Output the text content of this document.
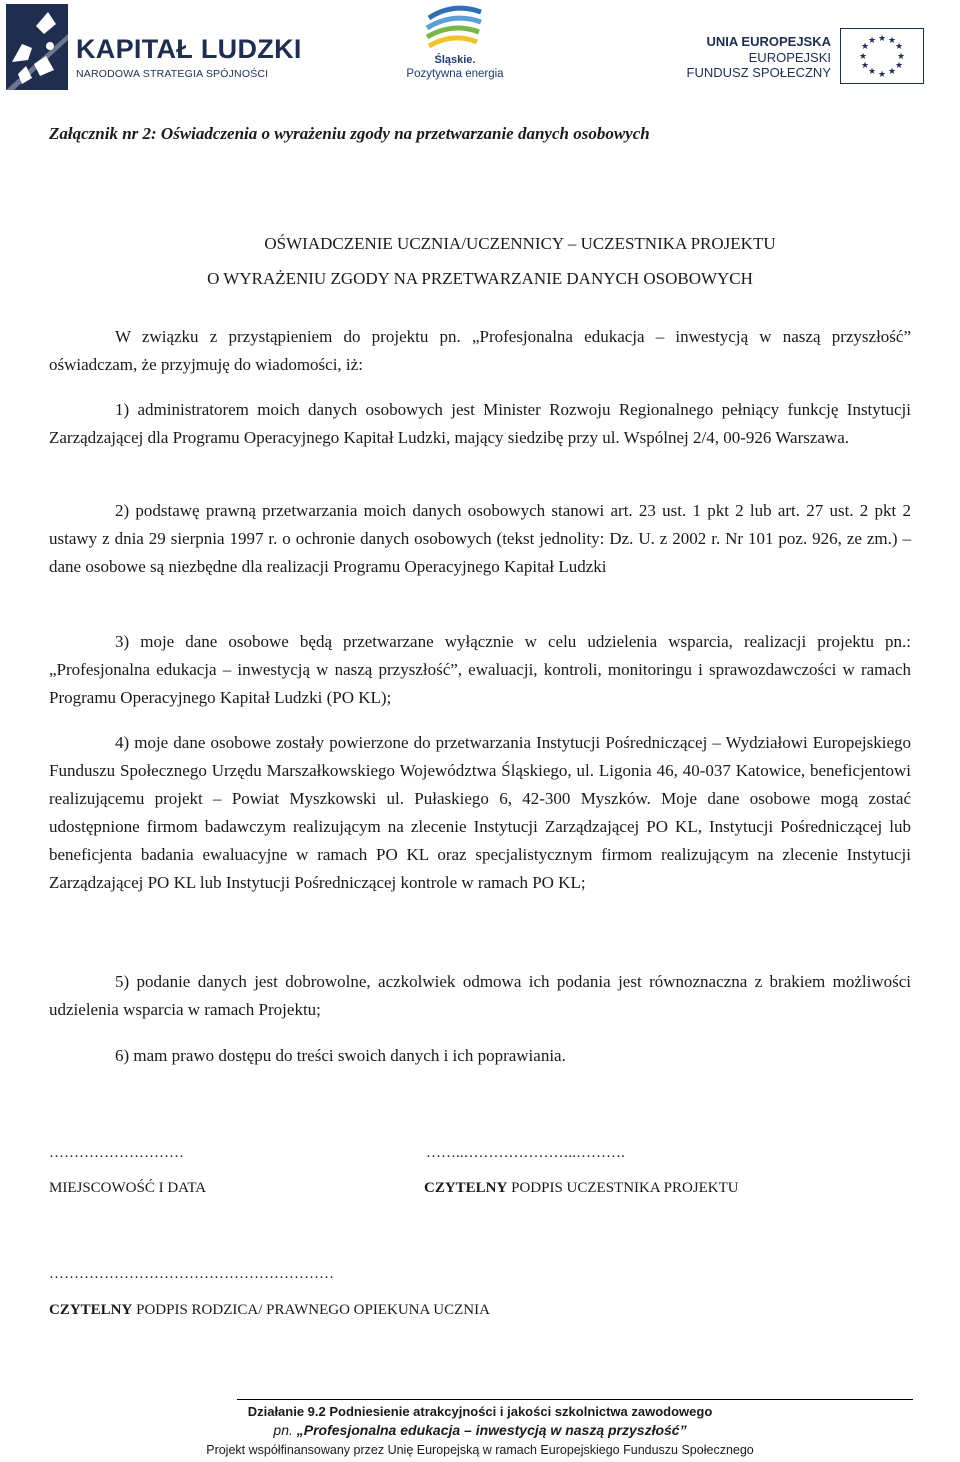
KAPITAŁ LUDZKI
NARODOWA STRATEGIA SPÓJNOŚCI
Śląskie.
Pozytywna energia
UNIA EUROPEJSKA
EUROPEJSKI
FUNDUSZ SPOŁECZNY
★ ★
★
★
★
★
★
★
★
★
★
★
Załącznik nr 2: Oświadczenia o wyrażeniu zgody na przetwarzanie danych osobowych
OŚWIADCZENIE UCZNIA/UCZENNICY – UCZESTNIKA PROJEKTU
O WYRAŻENIU ZGODY NA PRZETWARZANIE DANYCH OSOBOWYCH

W związku z przystąpieniem do projektu pn. „Profesjonalna edukacja – inwestycją w naszą przyszłość” oświadczam, że przyjmuję do wiadomości, iż:

1) administratorem moich danych osobowych jest Minister Rozwoju Regionalnego pełniący funkcję Instytucji Zarządzającej dla Programu Operacyjnego Kapitał Ludzki, mający siedzibę przy ul. Wspólnej 2/4, 00-926 Warszawa.

2) podstawę prawną przetwarzania moich danych osobowych stanowi art. 23 ust. 1 pkt 2 lub art. 27 ust. 2 pkt 2 ustawy z dnia 29 sierpnia 1997 r. o ochronie danych osobowych (tekst jednolity: Dz. U. z 2002 r. Nr 101 poz. 926, ze zm.) – dane osobowe są niezbędne dla realizacji Programu Operacyjnego Kapitał Ludzki

3) moje dane osobowe będą przetwarzane wyłącznie w celu udzielenia wsparcia, realizacji projektu pn.: „Profesjonalna edukacja – inwestycją w naszą przyszłość”, ewaluacji, kontroli, monitoringu i sprawozdawczości w ramach Programu Operacyjnego Kapitał Ludzki (PO KL);

4) moje dane osobowe zostały powierzone do przetwarzania Instytucji Pośredniczącej – Wydziałowi Europejskiego Funduszu Społecznego Urzędu Marszałkowskiego Województwa Śląskiego, ul. Ligonia 46, 40-037 Katowice, beneficjentowi realizującemu projekt – Powiat Myszkowski ul. Pułaskiego 6, 42-300 Myszków. Moje dane osobowe mogą zostać udostępnione firmom badawczym realizującym na zlecenie Instytucji Zarządzającej PO KL, Instytucji Pośredniczącej lub beneficjenta badania ewaluacyjne w ramach PO KL oraz specjalistycznym firmom realizującym na zlecenie Instytucji Zarządzającej PO KL lub Instytucji Pośredniczącej kontrole w ramach PO KL;

5) podanie danych jest dobrowolne, aczkolwiek odmowa ich podania jest równoznaczna z brakiem możliwości udzielenia wsparcia w ramach Projektu;

6) mam prawo dostępu do treści swoich danych i ich poprawiania.

………………………	……..…………………..……….
MIEJSCOWOŚĆ I DATA	CZYTELNY PODPIS UCZESTNIKA PROJEKTU
…………………………………………………
CZYTELNY PODPIS RODZICA/ PRAWNEGO OPIEKUNA UCZNIA
Działanie 9.2 Podniesienie atrakcyjności i jakości szkolnictwa zawodowego
pn. „Profesjonalna edukacja – inwestycją w naszą przyszłość”
Projekt współfinansowany przez Unię Europejską w ramach Europejskiego Funduszu Społecznego
